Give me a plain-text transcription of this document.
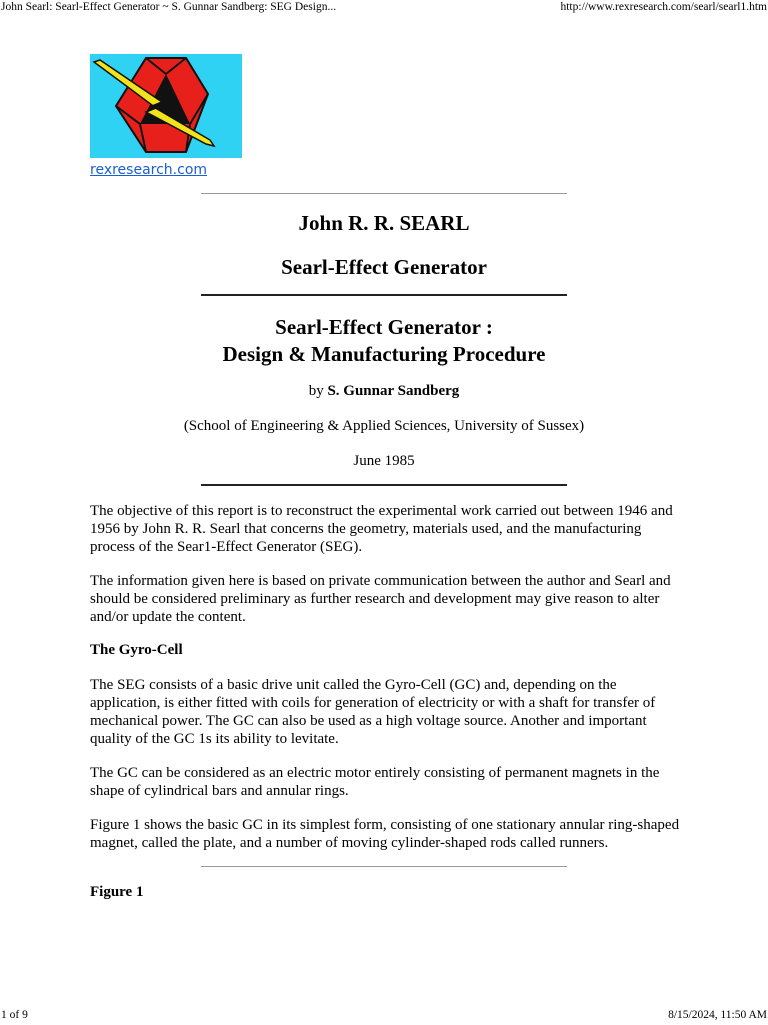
John Searl: Searl-Effect Generator ~ S. Gunnar Sandberg: SEG Design...	http://www.rexresearch.com/searl/searl1.htm
rexresearch.com
John R. R. SEARL
Searl-Effect Generator
Searl-Effect Generator :
Design & Manufacturing Procedure
by S. Gunnar Sandberg
(School of Engineering & Applied Sciences, University of Sussex)
June 1985
The objective of this report is to reconstruct the experimental work carried out between 1946 and 1956 by John R. R. Searl that concerns the geometry, materials used, and the manufacturing process of the Sear1-Effect Generator (SEG).
The information given here is based on private communication between the author and Searl and should be considered preliminary as further research and development may give reason to alter and/or update the content.
The Gyro-Cell
The SEG consists of a basic drive unit called the Gyro-Cell (GC) and, depending on the application, is either fitted with coils for generation of electricity or with a shaft for transfer of mechanical power. The GC can also be used as a high voltage source. Another and important quality of the GC 1s its ability to levitate.
The GC can be considered as an electric motor entirely consisting of permanent magnets in the shape of cylindrical bars and annular rings.
Figure 1 shows the basic GC in its simplest form, consisting of one stationary annular ring-shaped magnet, called the plate, and a number of moving cylinder-shaped rods called runners.
Figure 1
1 of 9	8/15/2024, 11:50 AM
